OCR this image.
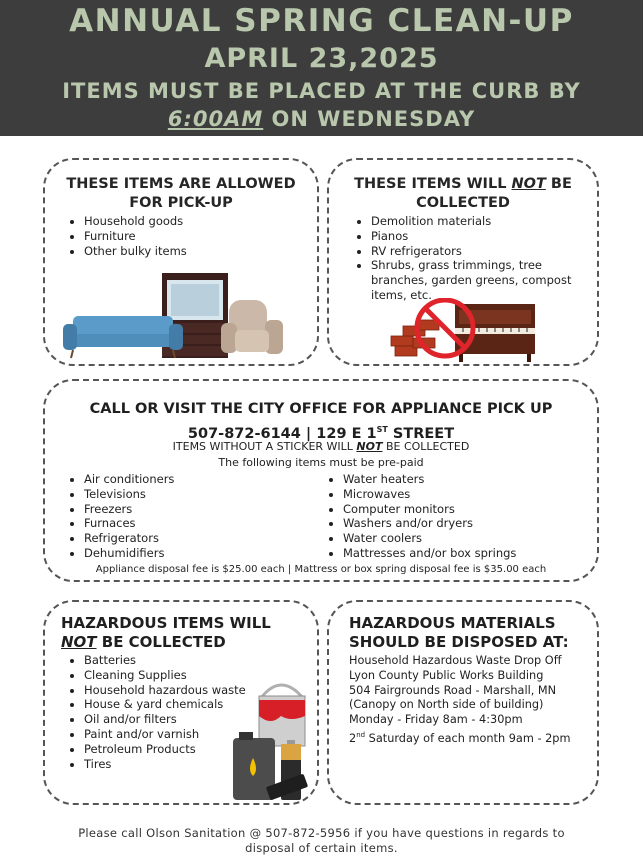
ANNUAL SPRING CLEAN-UP
APRIL 23,2025
ITEMS MUST BE PLACED AT THE CURB BY
6:00AM ON WEDNESDAY
THESE ITEMS ARE ALLOWED
FOR PICK-UP
• Household goods
• Furniture
• Other bulky items
THESE ITEMS WILL NOT BE
COLLECTED
• Demolition materials
• Pianos
• RV refrigerators
• Shrubs, grass trimmings, tree branches, garden greens, compost items, etc.
CALL OR VISIT THE CITY OFFICE FOR APPLIANCE PICK UP
507-872-6144 | 129 E 1ST STREET
ITEMS WITHOUT A STICKER WILL NOT BE COLLECTED
The following items must be pre-paid
• Air conditioners
• Televisions
• Freezers
• Furnaces
• Refrigerators
• Dehumidifiers
• Water heaters
• Microwaves
• Computer monitors
• Washers and/or dryers
• Water coolers
• Mattresses and/or box springs
Appliance disposal fee is $25.00 each | Mattress or box spring disposal fee is $35.00 each
HAZARDOUS ITEMS WILL
NOT BE COLLECTED
• Batteries
• Cleaning Supplies
• Household hazardous waste
• House & yard chemicals
• Oil and/or filters
• Paint and/or varnish
• Petroleum Products
• Tires
HAZARDOUS MATERIALS
SHOULD BE DISPOSED AT:
Household Hazardous Waste Drop Off
Lyon County Public Works Building
504 Fairgrounds Road - Marshall, MN
(Canopy on North side of building)
Monday - Friday 8am - 4:30pm
2nd Saturday of each month 9am - 2pm
Please call Olson Sanitation @ 507-872-5956 if you have questions in regards to
disposal of certain items.
